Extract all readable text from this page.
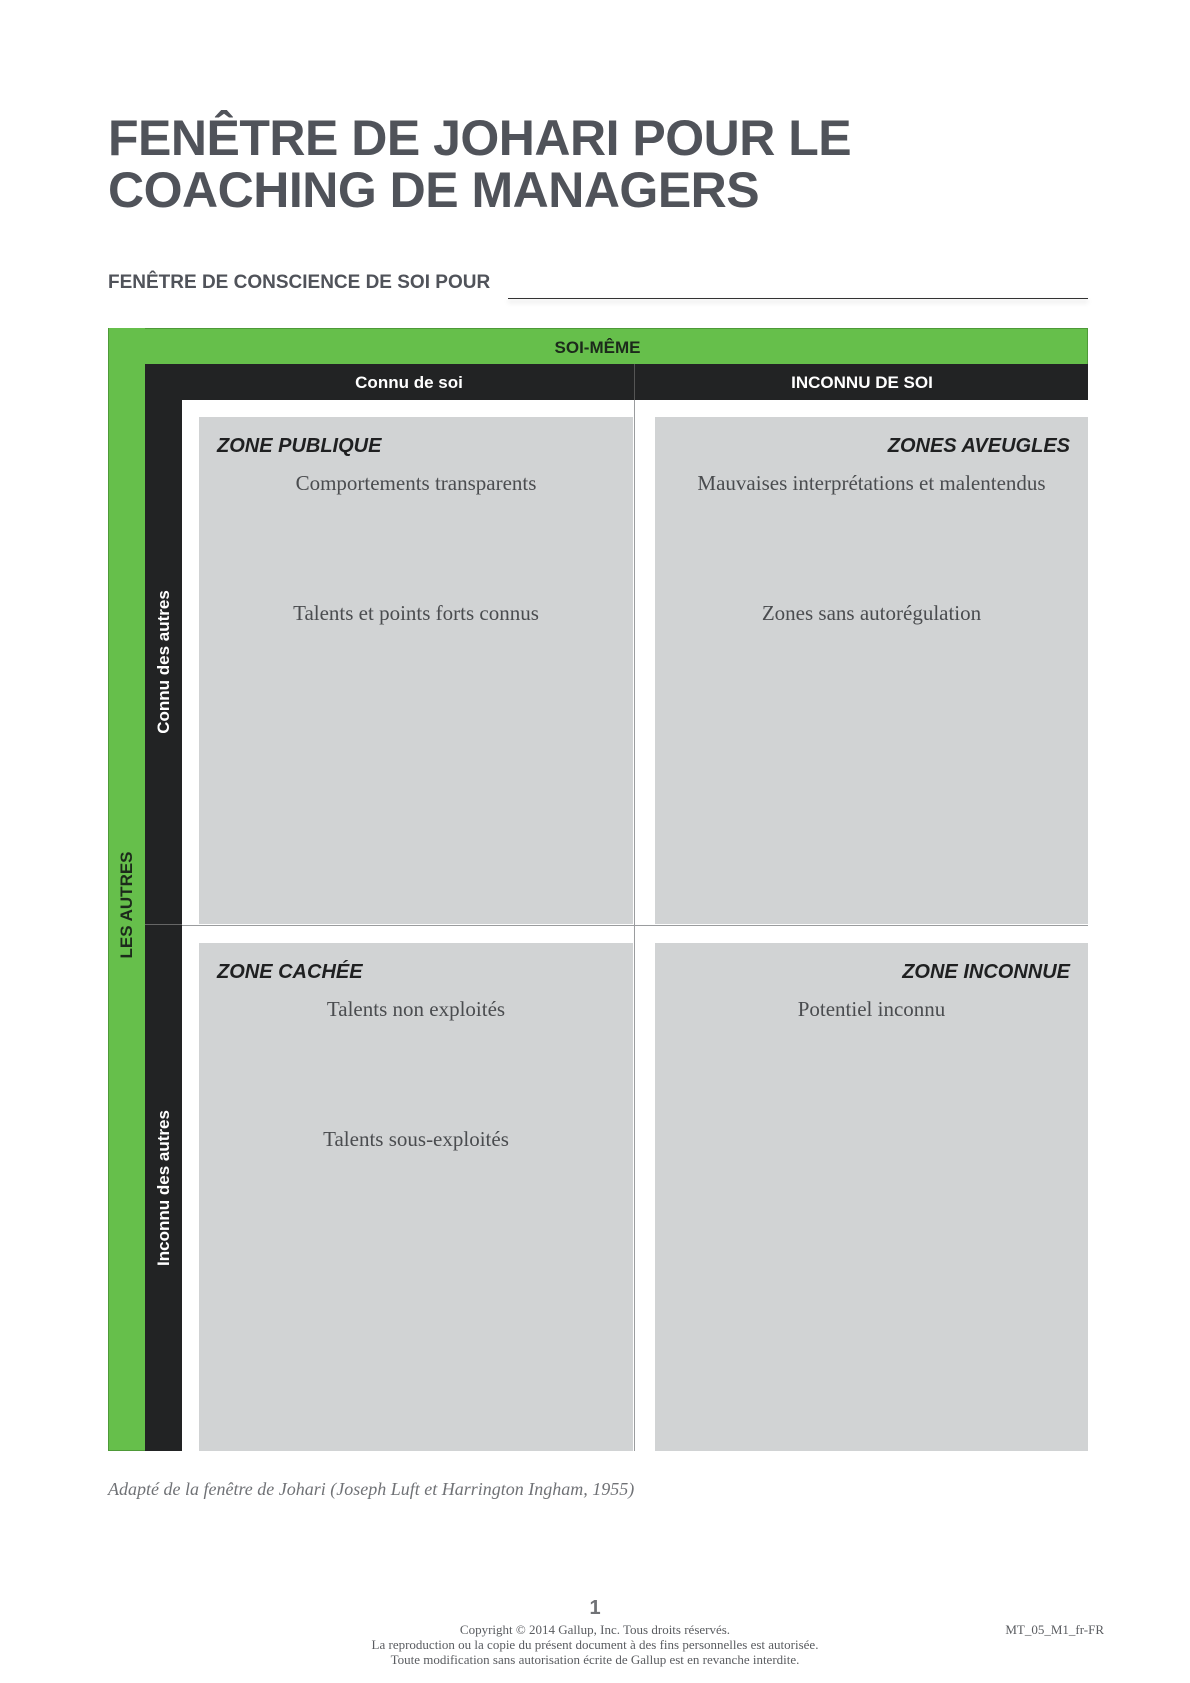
FENÊTRE DE JOHARI POUR LE
COACHING DE MANAGERS
FENÊTRE DE CONSCIENCE DE SOI POUR
SOI-MÊME
Connu de soi	INCONNU DE SOI
LES AUTRES
Connu des autres
Inconnu des autres
ZONE PUBLIQUE
Comportements transparents
Talents et points forts connus
ZONES AVEUGLES
Mauvaises interprétations et malentendus
Zones sans autorégulation
ZONE CACHÉE
Talents non exploités
Talents sous-exploités
ZONE INCONNUE
Potentiel inconnu
Adapté de la fenêtre de Johari (Joseph Luft et Harrington Ingham, 1955)
1
Copyright © 2014 Gallup, Inc. Tous droits réservés.
La reproduction ou la copie du présent document à des fins personnelles est autorisée.
Toute modification sans autorisation écrite de Gallup est en revanche interdite.
MT_05_M1_fr-FR
